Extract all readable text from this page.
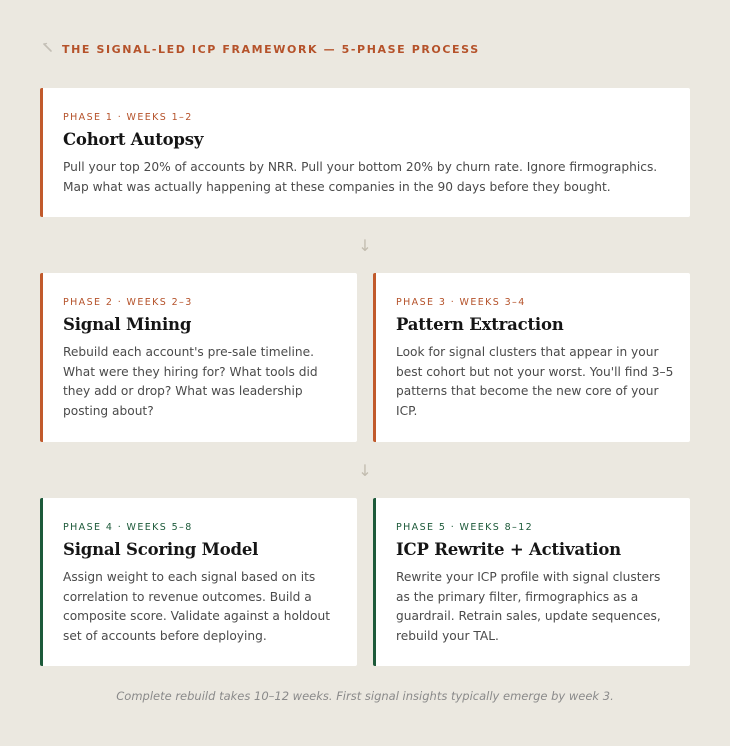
THE SIGNAL-LED ICP FRAMEWORK — 5-PHASE PROCESS
PHASE 1 · WEEKS 1–2
Cohort Autopsy
Pull your top 20% of accounts by NRR. Pull your bottom 20% by churn rate. Ignore firmographics. Map what was actually happening at these companies in the 90 days before they bought.
↓
PHASE 2 · WEEKS 2–3
Signal Mining
Rebuild each account's pre-sale timeline. What were they hiring for? What tools did they add or drop? What was leadership posting about?
PHASE 3 · WEEKS 3–4
Pattern Extraction
Look for signal clusters that appear in your best cohort but not your worst. You'll find 3–5 patterns that become the new core of your ICP.
↓
PHASE 4 · WEEKS 5–8
Signal Scoring Model
Assign weight to each signal based on its correlation to revenue outcomes. Build a composite score. Validate against a holdout set of accounts before deploying.
PHASE 5 · WEEKS 8–12
ICP Rewrite + Activation
Rewrite your ICP profile with signal clusters as the primary filter, firmographics as a guardrail. Retrain sales, update sequences, rebuild your TAL.
Complete rebuild takes 10–12 weeks. First signal insights typically emerge by week 3.
